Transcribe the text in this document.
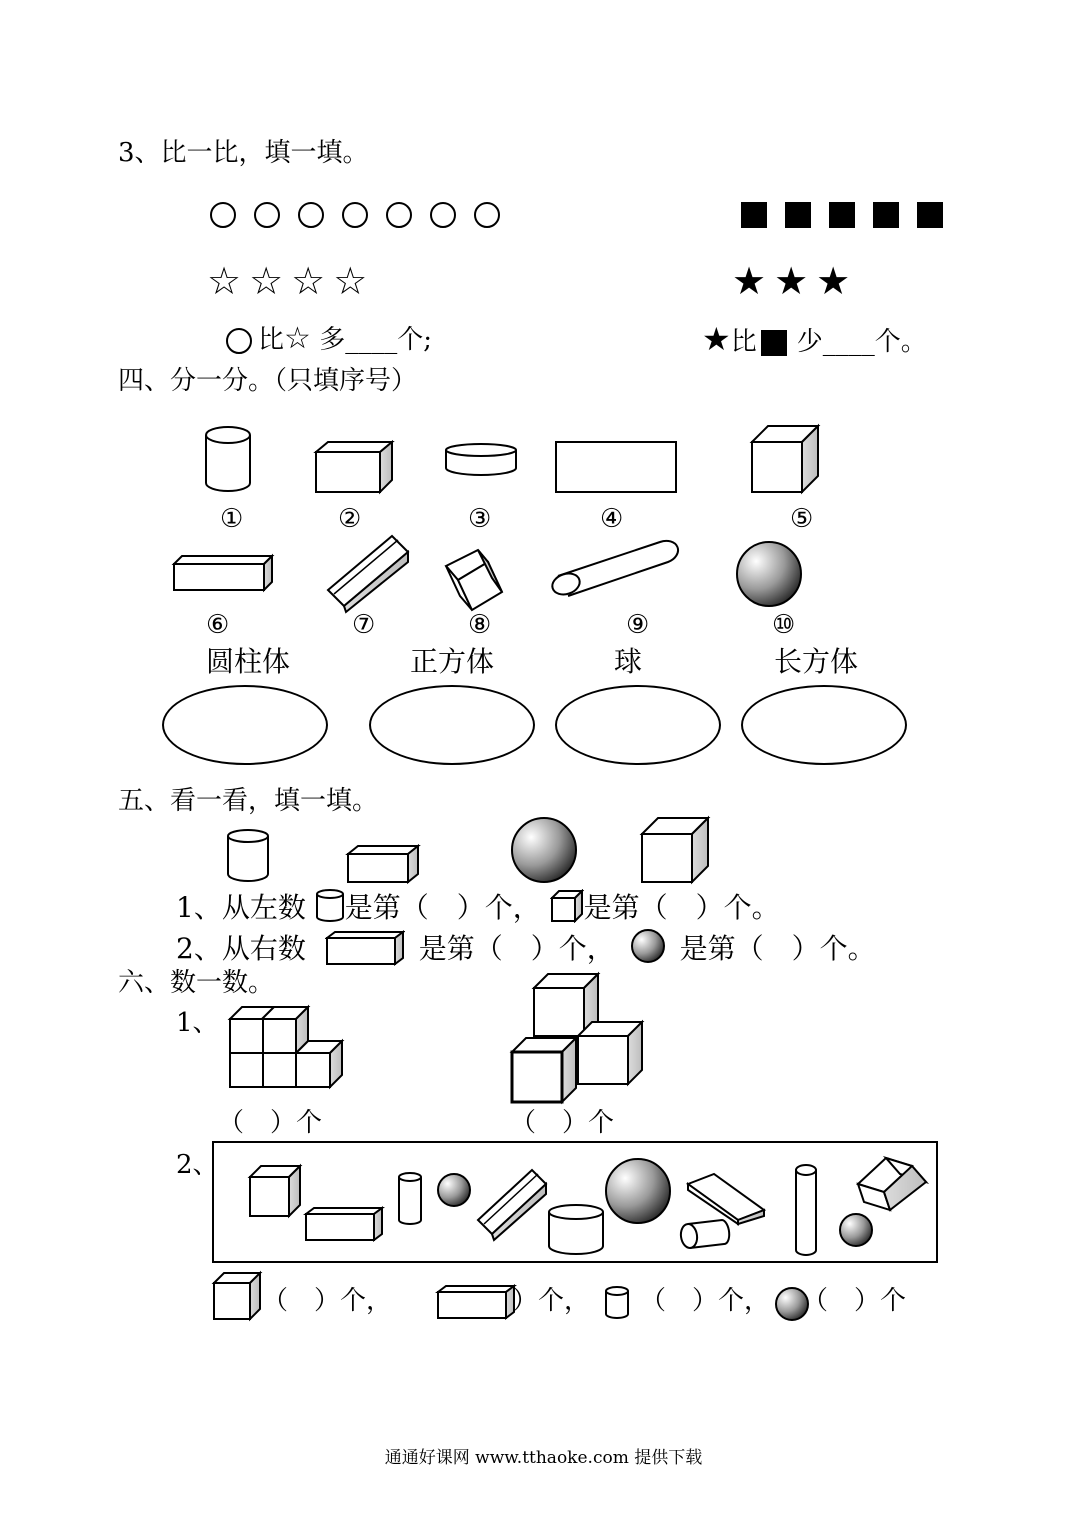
3、比一比，填一填。
☆ ☆ ☆ ☆	★ ★ ★
比☆ 多____个;	★比 少____个。
四、分一分。（只填序号）
①	②	③	④	⑤
⑥	⑦	⑧	⑨	⑩
圆柱体	正方体	球	长方体
五、看一看，填一填。
1、从左数 是第（　）个， 是第（　）个。
2、从右数	是第（　）个， 是第（　）个。
六、数一数。
1、
（　）个	（　）个
2、
（　）个，	）个， （　）个， （　）个
通通好课网 www.tthaoke.com 提供下载
